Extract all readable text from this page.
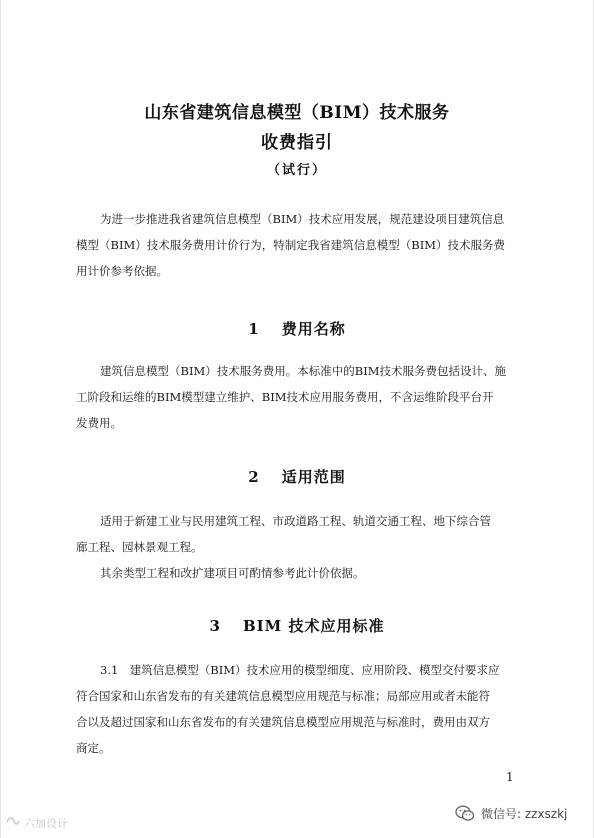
山东省建筑信息模型（BIM）技术服务
收费指引
（试行）
为进一步推进我省建筑信息模型（BIM）技术应用发展，规范建设项目建筑信息
模型（BIM）技术服务费用计价行为，特制定我省建筑信息模型（BIM）技术服务费
用计价参考依据。
1 费用名称
建筑信息模型（BIM）技术服务费用。本标准中的BIM技术服务费包括设计、施
工阶段和运维的BIM模型建立维护、BIM技术应用服务费用，不含运维阶段平台开
发费用。
2 适用范围
适用于新建工业与民用建筑工程、市政道路工程、轨道交通工程、地下综合管
廊工程、园林景观工程。
其余类型工程和改扩建项目可酌情参考此计价依据。
3 BIM 技术应用标准
3.1　建筑信息模型（BIM）技术应用的模型细度、应用阶段、模型交付要求应
符合国家和山东省发布的有关建筑信息模型应用规范与标准；局部应用或者未能符
合以及超过国家和山东省发布的有关建筑信息模型应用规范与标准时，费用由双方
商定。
1
六加设计
微信号: zzxszkj
